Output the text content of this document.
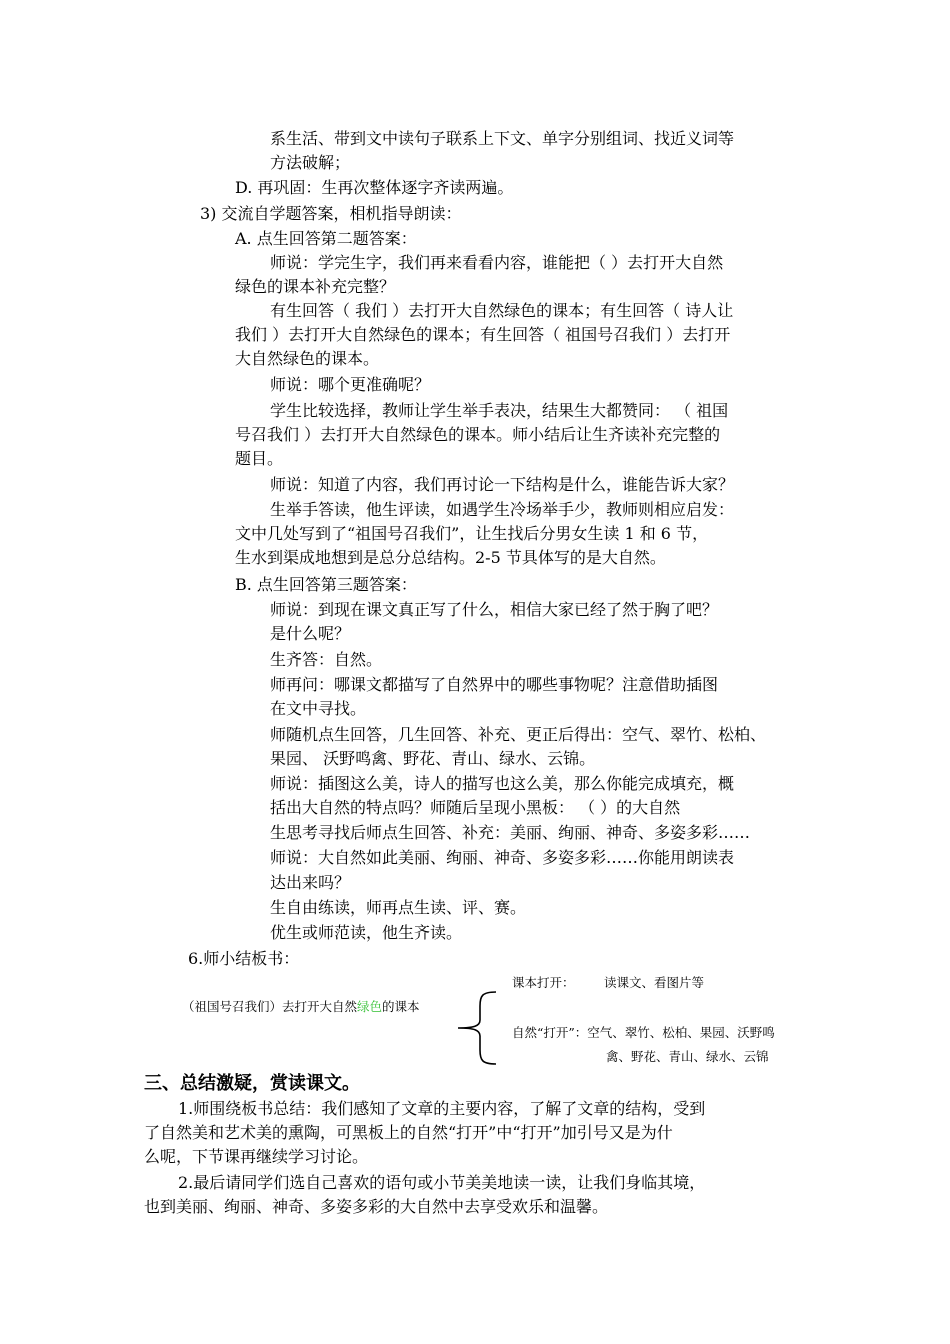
系生活、带到文中读句子联系上下文、单字分别组词、找近义词等
方法破解；
D. 再巩固：生再次整体逐字齐读两遍。
3) 交流自学题答案，相机指导朗读：
A. 点生回答第二题答案：
师说：学完生字，我们再来看看内容，谁能把（ ）去打开大自然
绿色的课本补充完整？
有生回答（ 我们 ）去打开大自然绿色的课本；有生回答（ 诗人让
我们 ）去打开大自然绿色的课本；有生回答（ 祖国号召我们 ）去打开
大自然绿色的课本。
师说：哪个更准确呢？
学生比较选择，教师让学生举手表决，结果生大都赞同： （ 祖国
号召我们 ）去打开大自然绿色的课本。师小结后让生齐读补充完整的
题目。
师说：知道了内容，我们再讨论一下结构是什么，谁能告诉大家？
生举手答读，他生评读，如遇学生冷场举手少，教师则相应启发：
文中几处写到了“祖国号召我们”，让生找后分男女生读 1 和 6 节，
生水到渠成地想到是总分总结构。2-5 节具体写的是大自然。
B. 点生回答第三题答案：
师说：到现在课文真正写了什么，相信大家已经了然于胸了吧？
是什么呢？
生齐答：自然。
师再问：哪课文都描写了自然界中的哪些事物呢？注意借助插图
在文中寻找。
师随机点生回答，几生回答、补充、更正后得出：空气、翠竹、松柏、
果园、 沃野鸣禽、野花、青山、绿水、云锦。
师说：插图这么美，诗人的描写也这么美，那么你能完成填充，概
括出大自然的特点吗？师随后呈现小黑板： （ ）的大自然
生思考寻找后师点生回答、补充：美丽、绚丽、神奇、多姿多彩……
师说：大自然如此美丽、绚丽、神奇、多姿多彩……你能用朗读表
达出来吗？
生自由练读，师再点生读、评、赛。
优生或师范读，他生齐读。
6.师小结板书：
（祖国号召我们）去打开大自然绿色的课本
课本打开： 读课文、看图片等
自然“打开”：空气、翠竹、松柏、果园、沃野鸣
禽、野花、青山、绿水、云锦
三、总结激疑，赏读课文。
1.师围绕板书总结：我们感知了文章的主要内容，了解了文章的结构，受到
了自然美和艺术美的熏陶，可黑板上的自然“打开”中“打开”加引号又是为什
么呢，下节课再继续学习讨论。
2.最后请同学们选自己喜欢的语句或小节美美地读一读，让我们身临其境，
也到美丽、绚丽、神奇、多姿多彩的大自然中去享受欢乐和温馨。
